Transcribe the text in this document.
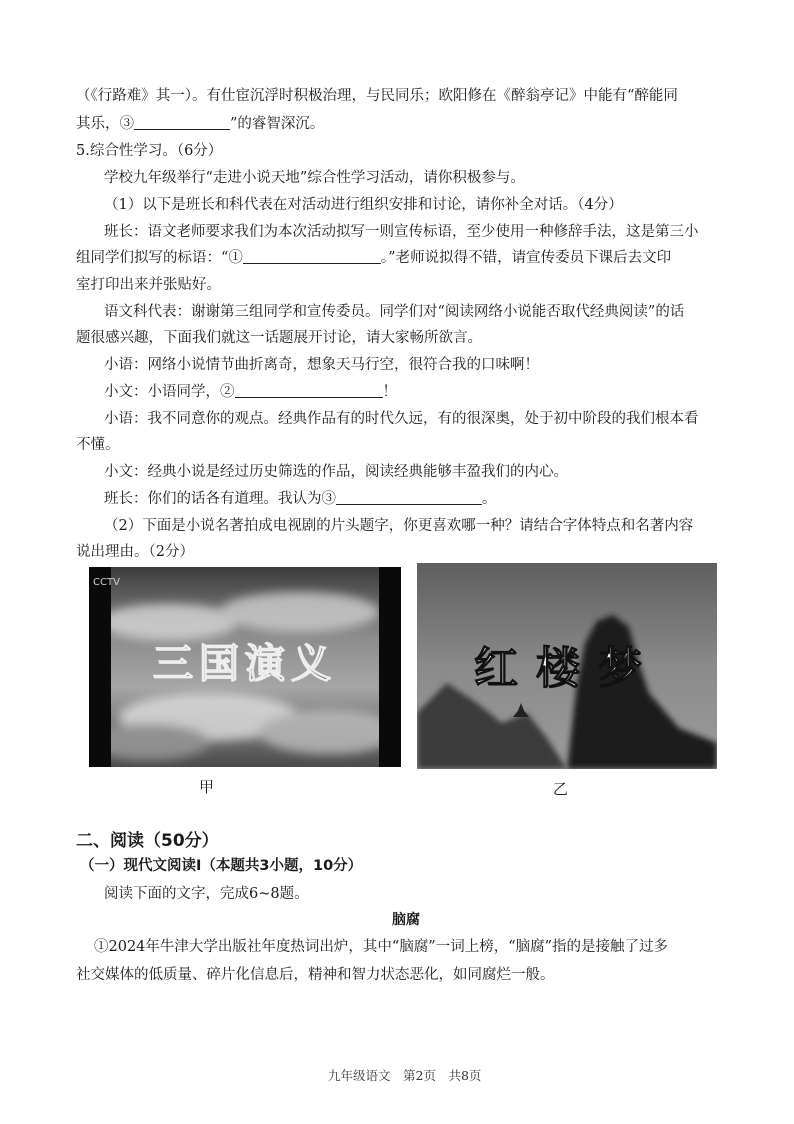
（《行路难》其一）。有仕宦沉浮时积极治理，与民同乐；欧阳修在《醉翁亭记》中能有“醉能同
其乐，③	”的睿智深沉。
5.综合性学习。（6分）
学校九年级举行“走进小说天地”综合性学习活动，请你积极参与。
（1）以下是班长和科代表在对活动进行组织安排和讨论，请你补全对话。（4分）
班长：语文老师要求我们为本次活动拟写一则宣传标语，至少使用一种修辞手法，这是第三小
组同学们拟写的标语：“①	。”老师说拟得不错，请宣传委员下课后去文印
室打印出来并张贴好。
语文科代表：谢谢第三组同学和宣传委员。同学们对“阅读网络小说能否取代经典阅读”的话
题很感兴趣，下面我们就这一话题展开讨论，请大家畅所欲言。
小语：网络小说情节曲折离奇，想象天马行空，很符合我的口味啊！
小文：小语同学，②	！
小语：我不同意你的观点。经典作品有的时代久远，有的很深奥，处于初中阶段的我们根本看
不懂。
小文：经典小说是经过历史筛选的作品，阅读经典能够丰盈我们的内心。
班长：你们的话各有道理。我认为③	。
（2）下面是小说名著拍成电视剧的片头题字，你更喜欢哪一种？请结合字体特点和名著内容
说出理由。（2分）
CCTV
三国演义
甲
红楼梦
乙
二、阅读（50分）
（一）现代文阅读Ⅰ（本题共3小题，10分）
阅读下面的文字，完成6~8题。
脑腐
①2024年牛津大学出版社年度热词出炉，其中“脑腐”一词上榜，“脑腐”指的是接触了过多
社交媒体的低质量、碎片化信息后，精神和智力状态恶化，如同腐烂一般。
九年级语文　第2页　共8页
